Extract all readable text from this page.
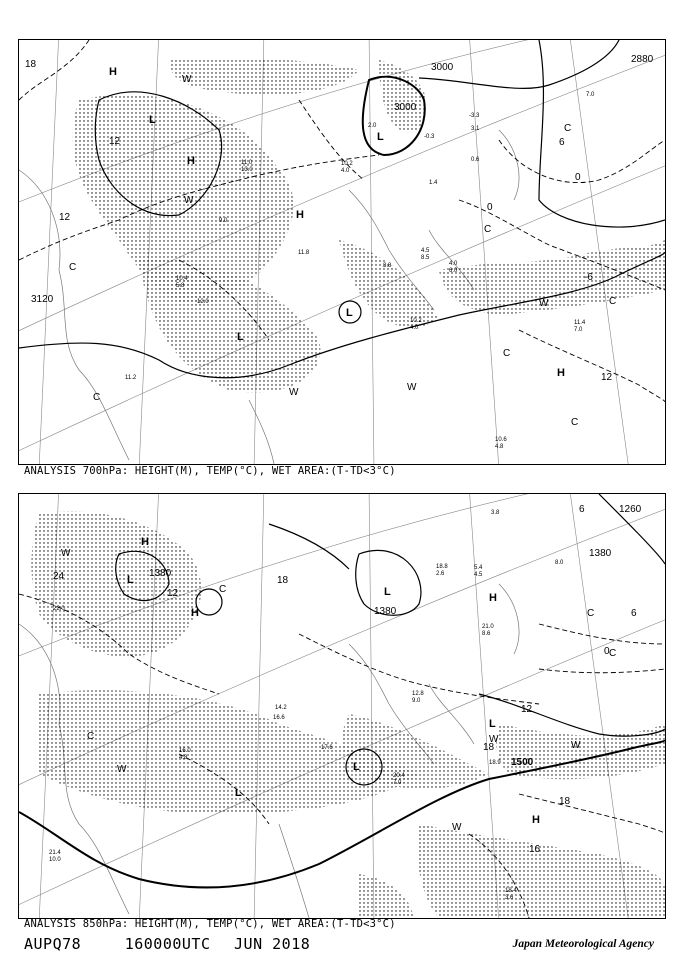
3000
3000
2880
3120
18
12
12
6
0
0
-6
12
H
L
H
L
H
L
L
H
W
W
W
W	W
C
C
C
C
C
C
C
11.0
13.0
3.8
10.2
4.0
11.4
7.0
10.6
4.8
9.0
12.0
11.8
2.0
1.4
-0.3
3.1
-3.3
7.0
0.6
11.2
4.5
8.5
4.0
6.0
10.2
4.0
10.4
5.8
ANALYSIS 700hPa: HEIGHT(M), TEMP(°C), WET AREA:(T-TD<3°C)
1380
1380
1380
1500
1260
24	18
18
18
12
12
6
6
0
16
H
L
H
L
L
L
L
H
H
W
W
W
W
W
C
C
C
C
18.4
3.6
18.8
2.6
20.4
7.0
21.0
8.6
16.6
14.2
12.8
9.0
5.4
4.5
3.8
17.6
22.0
16.0
4.8
8.0
21.4
10.0
18.9
ANALYSIS 850hPa: HEIGHT(M), TEMP(°C), WET AREA:(T-TD<3°C)
AUPQ78	160000UTC JUN 2018	Japan Meteorological Agency
